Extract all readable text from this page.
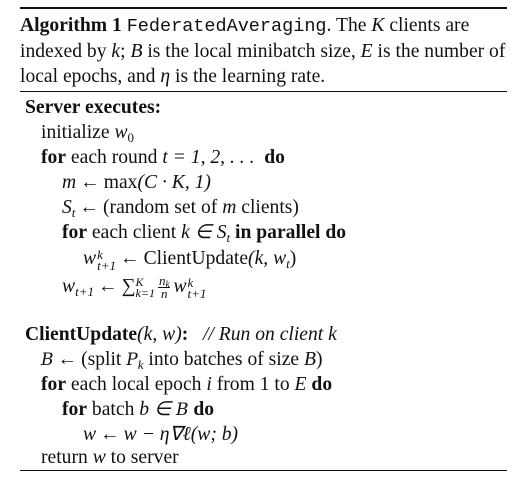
Algorithm 1 FederatedAveraging. The K clients are indexed by k; B is the local minibatch size, E is the number of local epochs, and η is the learning rate.
Server executes:
initialize $w_0$
for each round t = 1, 2, . . . do
m ← max(C · K, 1)
$S_t$ ← (random set of m clients)
for each client k ∈ $S_t$ in parallel do
w k
t+1 ← ClientUpdate(k, $w_t$)
$w_{t+1}$ ← ∑ K
$k=1 \frac{n_k}{n}$ w k
t+1
ClientUpdate(k, w): // Run on client k
B ← (split $P_k$ into batches of size B)
for each local epoch i from 1 to E do
for batch b ∈ B do
w ← w − η∇ℓ(w; b)
return w to server
